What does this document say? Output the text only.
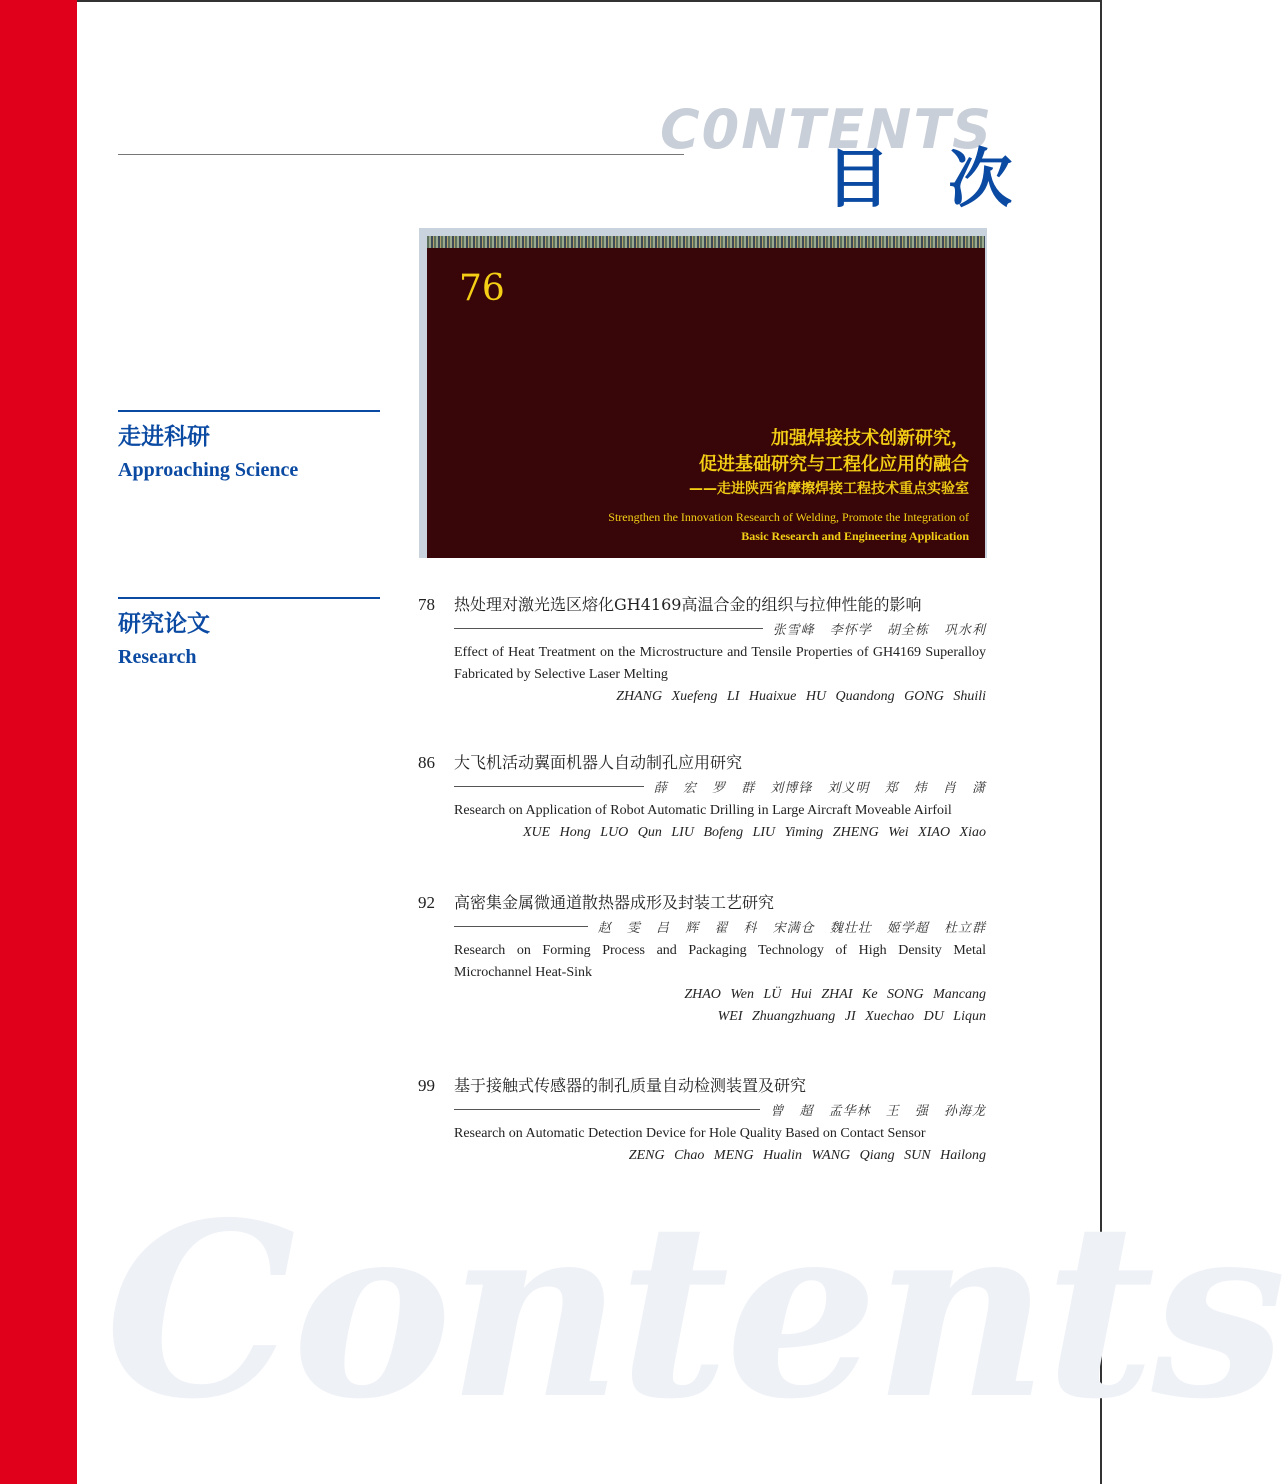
Contents
C0NTENTS
目 次
76
加强焊接技术创新研究，
促进基础研究与工程化应用的融合
——走进陕西省摩擦焊接工程技术重点实验室
Strengthen the Innovation Research of Welding, Promote the Integration of
Basic Research and Engineering Application
走进科研
Approaching Science
研究论文
Research
78	热处理对激光选区熔化GH4169高温合金的组织与拉伸性能的影响
张雪峰 李怀学 胡全栋 巩水利
Effect of Heat Treatment on the Microstructure and Tensile Properties of GH4169 Superalloy Fabricated by Selective Laser Melting
ZHANG Xuefeng LI Huaixue HU Quandong GONG Shuili
86	大飞机活动翼面机器人自动制孔应用研究
薛 宏 罗 群 刘博锋 刘义明 郑 炜 肖 潇
Research on Application of Robot Automatic Drilling in Large Aircraft Moveable Airfoil
XUE Hong LUO Qun LIU Bofeng LIU Yiming ZHENG Wei XIAO Xiao
92	高密集金属微通道散热器成形及封装工艺研究
赵 雯 吕 辉 翟 科 宋满仓 魏壮壮 姬学超 杜立群
Research on Forming Process and Packaging Technology of High Density Metal Microchannel Heat-Sink
ZHAO Wen LÜ Hui ZHAI Ke SONG Mancang
WEI Zhuangzhuang JI Xuechao DU Liqun
99	基于接触式传感器的制孔质量自动检测装置及研究
曾 超 孟华林 王 强 孙海龙
Research on Automatic Detection Device for Hole Quality Based on Contact Sensor
ZENG Chao MENG Hualin WANG Qiang SUN Hailong
